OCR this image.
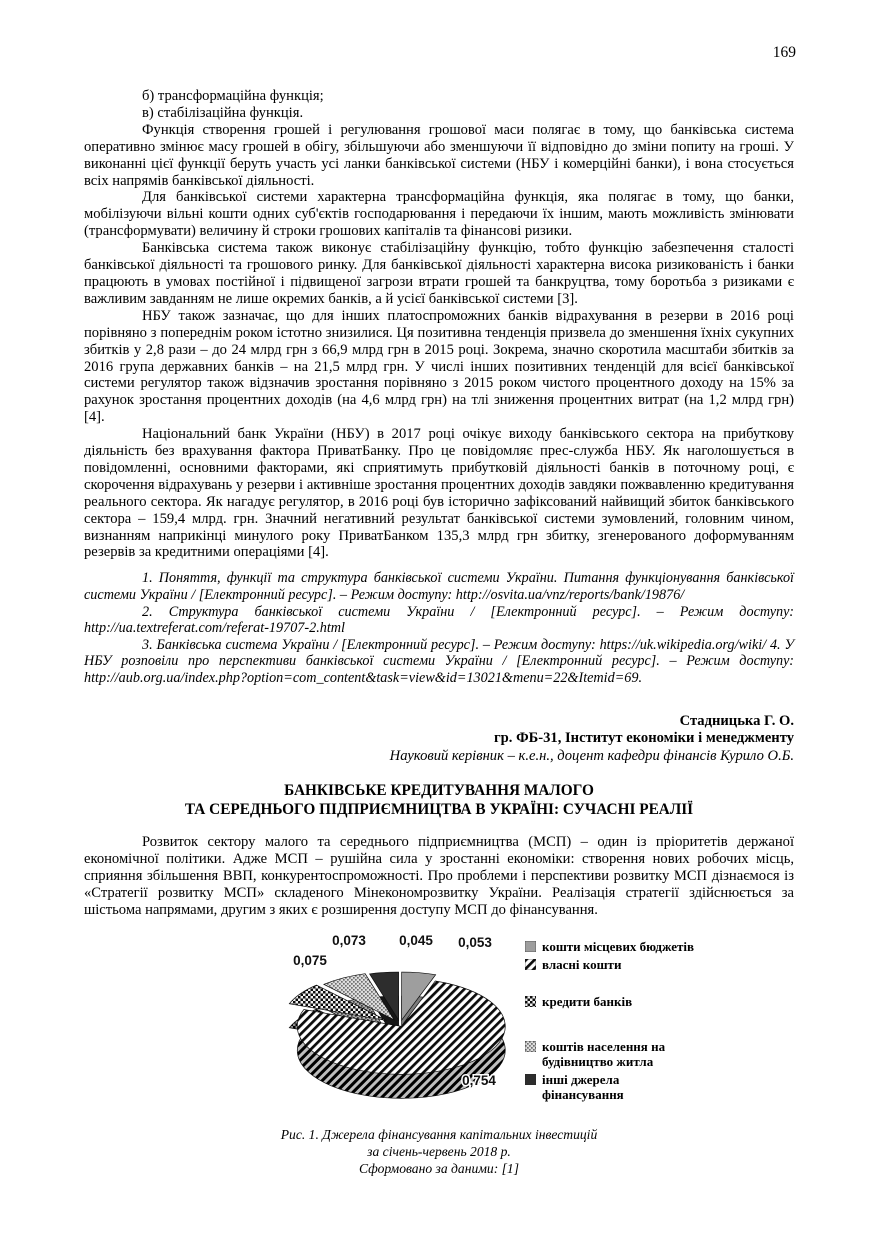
169

б) трансформаційна функція;

в) стабілізаційна функція.

Функція створення грошей і регулювання грошової маси полягає в тому, що банківська система оперативно змінює масу грошей в обігу, збільшуючи або зменшуючи її відповідно до зміни попиту на гроші. У виконанні цієї функції беруть участь усі ланки банківської системи (НБУ і комерційні банки), і вона стосується всіх напрямів банківської діяльності.

Для банківської системи характерна трансформаційна функція, яка полягає в тому, що банки, мобілізуючи вільні кошти одних суб'єктів господарювання і передаючи їх іншим, мають можливість змінювати (трансформувати) величину й строки грошових капіталів та фінансові ризики.

Банківська система також виконує стабілізаційну функцію, тобто функцію забезпечення сталості банківської діяльності та грошового ринку. Для банківської діяльності характерна висока ризикованість і банки працюють в умовах постійної і підвищеної загрози втрати грошей та банкруцтва, тому боротьба з ризиками є важливим завданням не лише окремих банків, а й усієї банківської системи [3].

НБУ також зазначає, що для інших платоспроможних банків відрахування в резерви в 2016 році порівняно з попереднім роком істотно знизилися. Ця позитивна тенденція призвела до зменшення їхніх сукупних збитків у 2,8 рази – до 24 млрд грн з 66,9 млрд грн в 2015 році. Зокрема, значно скоротила масштаби збитків за 2016 група державних банків – на 21,5 млрд грн. У числі інших позитивних тенденцій для всієї банківської системи регулятор також відзначив зростання порівняно з 2015 роком чистого процентного доходу на 15% за рахунок зростання процентних доходів (на 4,6 млрд грн) на тлі зниження процентних витрат (на 1,2 млрд грн) [4].

Національний банк України (НБУ) в 2017 році очікує виходу банківського сектора на прибуткову діяльність без врахування фактора ПриватБанку. Про це повідомляє прес-служба НБУ. Як наголошується в повідомленні, основними факторами, які сприятимуть прибутковій діяльності банків в поточному році, є скорочення відрахувань у резерви і активніше зростання процентних доходів завдяки пожвавленню кредитування реального сектора. Як нагадує регулятор, в 2016 році був історично зафіксований найвищий збиток банківського сектора – 159,4 млрд. грн. Значний негативний результат банківської системи зумовлений, головним чином, визнанням наприкінці минулого року ПриватБанком 135,3 млрд грн збитку, згенерованого доформуванням резервів за кредитними операціями [4].

1. Поняття, функції та структура банківської системи України. Питання функціонування банківської системи України / [Електронний ресурс]. – Режим доступу: http://osvita.ua/vnz/reports/bank/19876/

2. Структура банківської системи України / [Електронний ресурс]. – Режим доступу: http://ua.textreferat.com/referat-19707-2.html

3. Банківська система України / [Електронний ресурс]. – Режим доступу: https://uk.wikipedia.org/wiki/ 4. У НБУ розповіли про перспективи банківської системи України / [Електронний ресурс]. – Режим доступу: http://aub.org.ua/index.php?option=com_content&task=view&id=13021&menu=22&Itemid=69.

Стадницька Г. О.
гр. ФБ-31, Інститут економіки і менеджменту
Науковий керівник – к.е.н., доцент кафедри фінансів Курило О.Б.
БАНКІВСЬКЕ КРЕДИТУВАННЯ МАЛОГО
ТА СЕРЕДНЬОГО ПІДПРИЄМНИЦТВА В УКРАЇНІ: СУЧАСНІ РЕАЛІЇ

Розвиток сектору малого та середнього підприємництва (МСП) – один із пріоритетів держаної економічної політики. Адже МСП – рушійна сила у зростанні економіки: створення нових робочих місць, сприяння збільшення ВВП, конкурентоспроможності. Про проблеми і перспективи розвитку МСП дізнаємося із «Стратегії розвитку МСП» складеного Мінекономрозвитку України. Реалізація стратегії здійснюється за шістьома напрямами, другим з яких є розширення доступу МСП до фінансування.

0,053
0,754
0,075
0,073 0,045	кошти місцевих бюджетів
власні кошти
кредити банків
коштів населення на будівництво житла
інші джерела фінансування
Рис. 1. Джерела фінансування капітальних інвестицій
за січень-червень 2018 р.
Сформовано за даними: [1]
